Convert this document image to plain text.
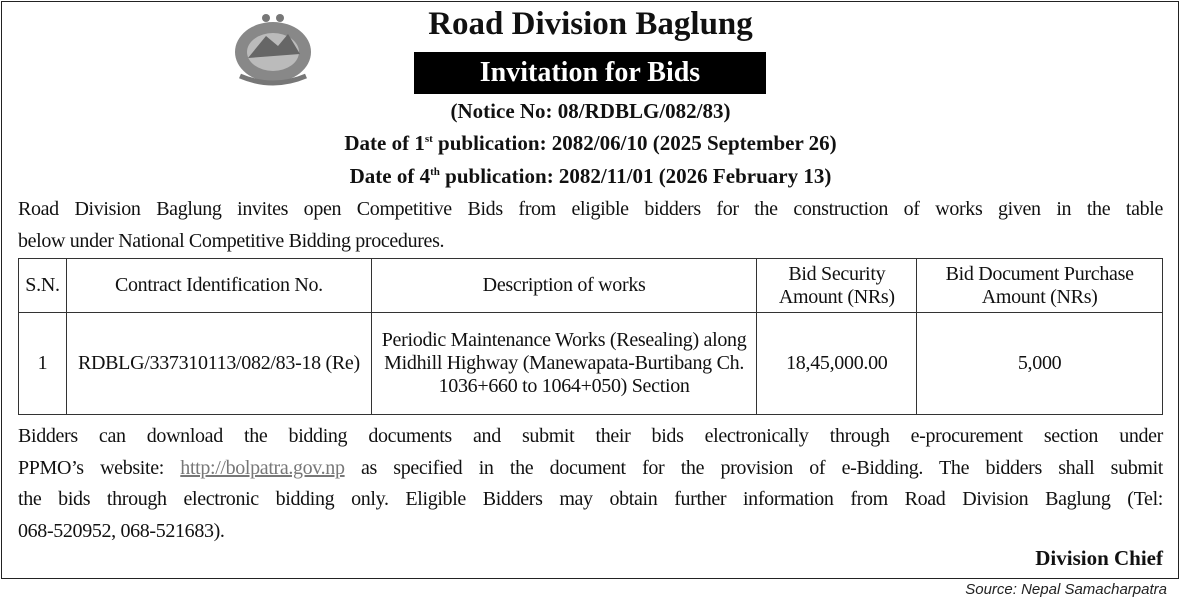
Road Division Baglung
Invitation for Bids
(Notice No: 08/RDBLG/082/83)
Date of 1st publication: 2082/06/10 (2025 September 26)
Date of 4th publication: 2082/11/01 (2026 February 13)
Road Division Baglung invites open Competitive Bids from eligible bidders for the construction of works given in the table
below under National Competitive Bidding procedures.
S.N.	Contract Identification No.	Description of works	Bid Security Amount (NRs)	Bid Document Purchase Amount (NRs)
1	RDBLG/337310113/082/83-18 (Re)	Periodic Maintenance Works (Resealing) along Midhill Highway (Manewapata-Burtibang Ch. 1036+660 to 1064+050) Section	18,45,000.00	5,000
Bidders can download the bidding documents and submit their bids electronically through e-procurement section under
PPMO’s website: http://bolpatra.gov.np as specified in the document for the provision of e-Bidding. The bidders shall submit
the bids through electronic bidding only. Eligible Bidders may obtain further information from Road Division Baglung (Tel:
068-520952, 068-521683).
Division Chief
Source: Nepal Samacharpatra
